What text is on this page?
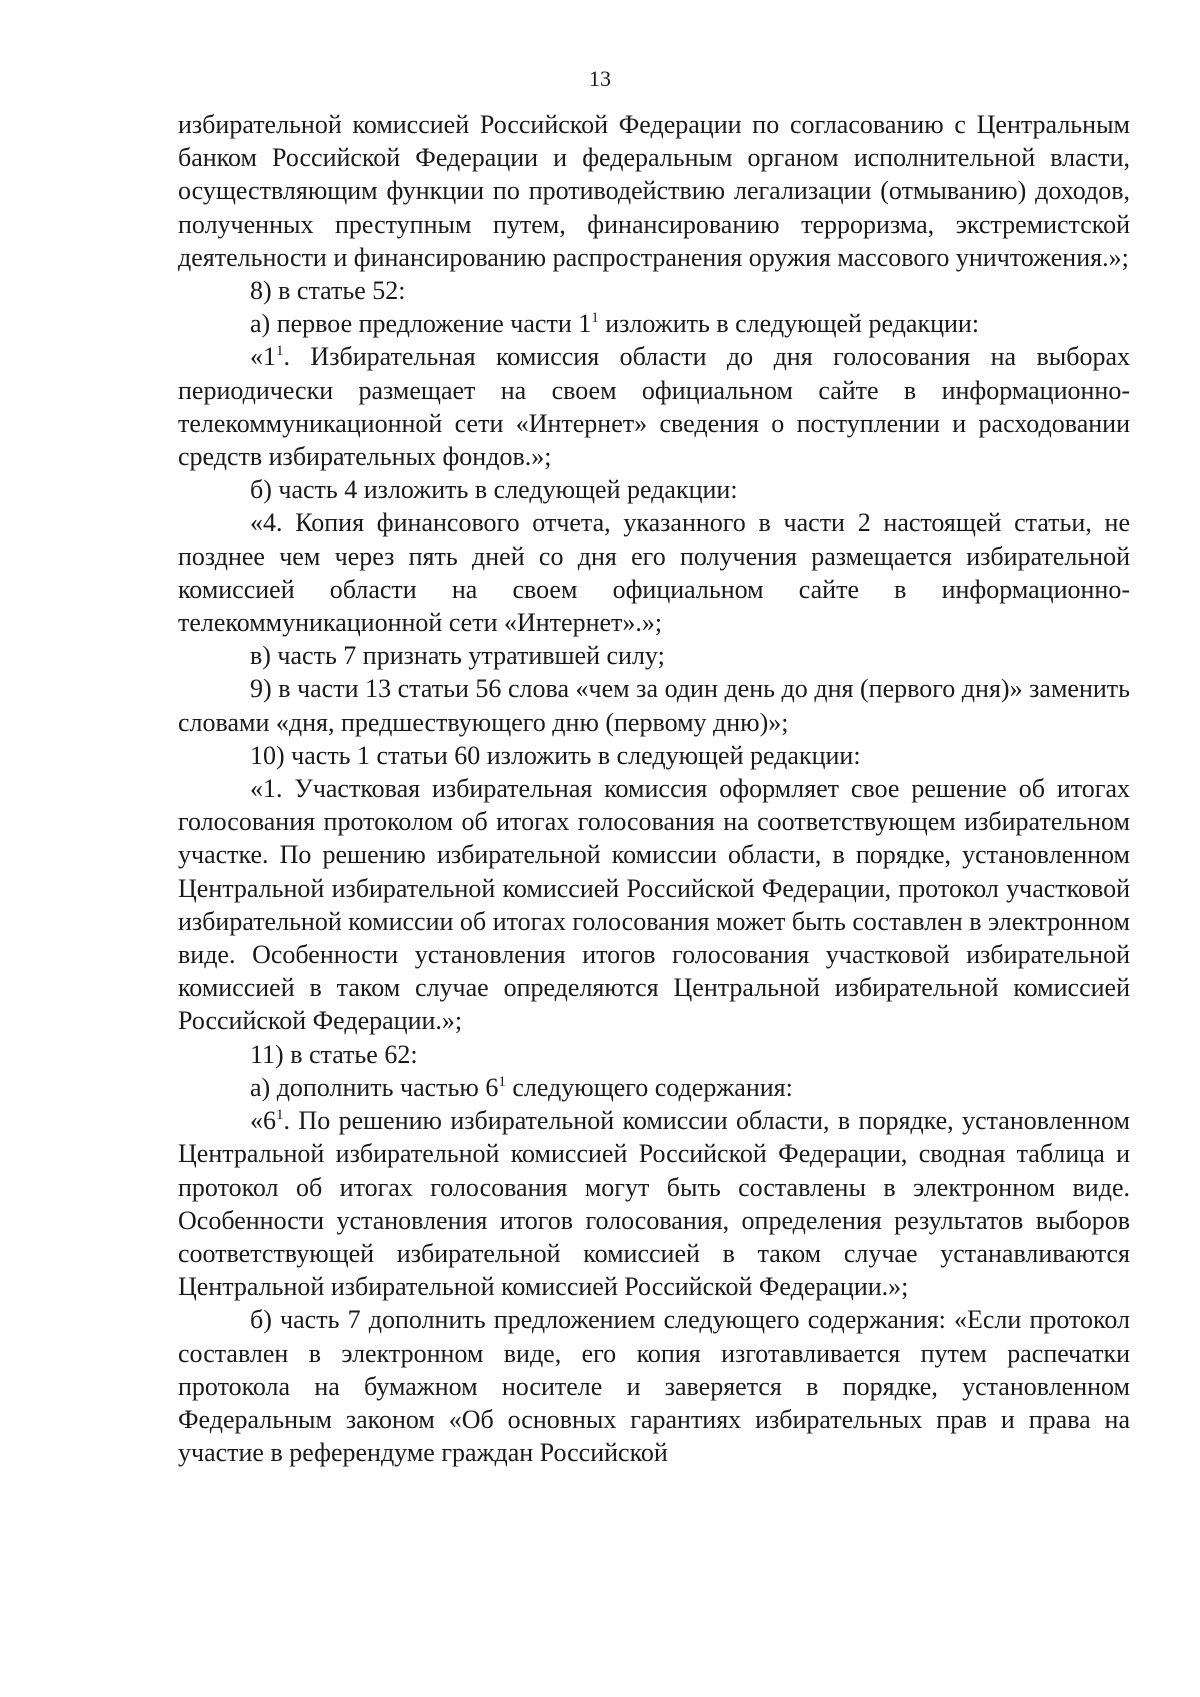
13

избирательной комиссией Российской Федерации по согласованию с Центральным банком Российской Федерации и федеральным органом исполнительной власти, осуществляющим функции по противодействию легализации (отмыванию) доходов, полученных преступным путем, финансированию терроризма, экстремистской деятельности и финансированию распространения оружия массового уничтожения.»;

8) в статье 52:

а) первое предложение части $1^1$ изложить в следующей редакции:

«$1^1$. Избирательная комиссия области до дня голосования на выборах периодически размещает на своем официальном сайте в информационно-телекоммуникационной сети «Интернет» сведения о поступлении и расходовании средств избирательных фондов.»;

б) часть 4 изложить в следующей редакции:

«4. Копия финансового отчета, указанного в части 2 настоящей статьи, не позднее чем через пять дней со дня его получения размещается избирательной комиссией области на своем официальном сайте в информационно-телекоммуникационной сети «Интернет».»;

в) часть 7 признать утратившей силу;

9) в части 13 статьи 56 слова «чем за один день до дня (первого дня)» заменить словами «дня, предшествующего дню (первому дню)»;

10) часть 1 статьи 60 изложить в следующей редакции:

«1. Участковая избирательная комиссия оформляет свое решение об итогах голосования протоколом об итогах голосования на соответствующем избирательном участке. По решению избирательной комиссии области, в порядке, установленном Центральной избирательной комиссией Российской Федерации, протокол участковой избирательной комиссии об итогах голосования может быть составлен в электронном виде. Особенности установления итогов голосования участковой избирательной комиссией в таком случае определяются Центральной избирательной комиссией Российской Федерации.»;

11) в статье 62:

а) дополнить частью $6^1$ следующего содержания:

«$6^1$. По решению избирательной комиссии области, в порядке, установленном Центральной избирательной комиссией Российской Федерации, сводная таблица и протокол об итогах голосования могут быть составлены в электронном виде. Особенности установления итогов голосования, определения результатов выборов соответствующей избирательной комиссией в таком случае устанавливаются Центральной избирательной комиссией Российской Федерации.»;

б) часть 7 дополнить предложением следующего содержания: «Если протокол составлен в электронном виде, его копия изготавливается путем распечатки протокола на бумажном носителе и заверяется в порядке, установленном Федеральным законом «Об основных гарантиях избирательных прав и права на участие в референдуме граждан Российской
